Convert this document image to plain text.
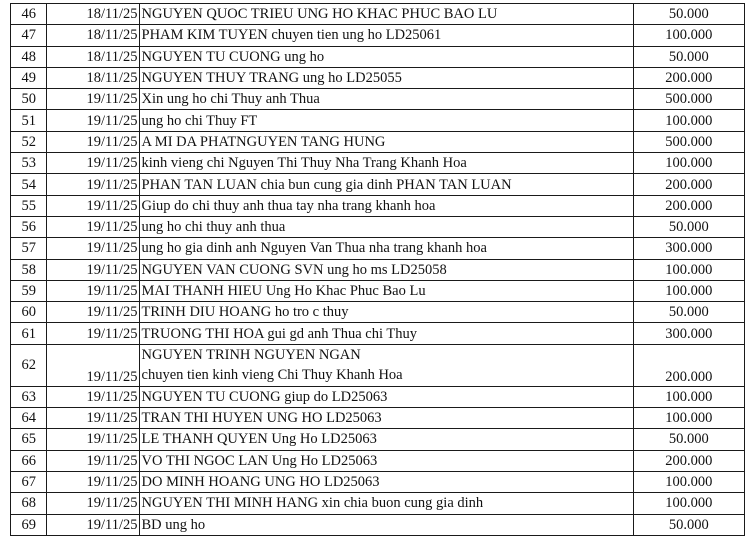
46	18/11/25	NGUYEN QUOC TRIEU UNG HO KHAC PHUC BAO LU	50.000
47	18/11/25	PHAM KIM TUYEN chuyen tien ung ho LD25061	100.000
48	18/11/25	NGUYEN TU CUONG ung ho	50.000
49	18/11/25	NGUYEN THUY TRANG ung ho LD25055	200.000
50	19/11/25	Xin ung ho chi Thuy anh Thua	500.000
51	19/11/25	ung ho chi Thuy FT	100.000
52	19/11/25	A MI DA PHATNGUYEN TANG HUNG	500.000
53	19/11/25	kinh vieng chi Nguyen Thi Thuy Nha Trang Khanh Hoa	100.000
54	19/11/25	PHAN TAN LUAN chia bun cung gia dinh PHAN TAN LUAN	200.000
55	19/11/25	Giup do chi thuy anh thua tay nha trang khanh hoa	200.000
56	19/11/25	ung ho chi thuy anh thua	50.000
57	19/11/25	ung ho gia dinh anh Nguyen Van Thua nha trang khanh hoa	300.000
58	19/11/25	NGUYEN VAN CUONG SVN ung ho ms LD25058	100.000
59	19/11/25	MAI THANH HIEU Ung Ho Khac Phuc Bao Lu	100.000
60	19/11/25	TRINH DIU HOANG ho tro c thuy	50.000
61	19/11/25	TRUONG THI HOA gui gd anh Thua chi Thuy	300.000
62	19/11/25	NGUYEN TRINH NGUYEN NGAN
chuyen tien kinh vieng Chi Thuy Khanh Hoa	200.000
63	19/11/25	NGUYEN TU CUONG giup do LD25063	100.000
64	19/11/25	TRAN THI HUYEN UNG HO LD25063	100.000
65	19/11/25	LE THANH QUYEN Ung Ho LD25063	50.000
66	19/11/25	VO THI NGOC LAN Ung Ho LD25063	200.000
67	19/11/25	DO MINH HOANG UNG HO LD25063	100.000
68	19/11/25	NGUYEN THI MINH HANG xin chia buon cung gia dinh	100.000
69	19/11/25	BD ung ho	50.000
